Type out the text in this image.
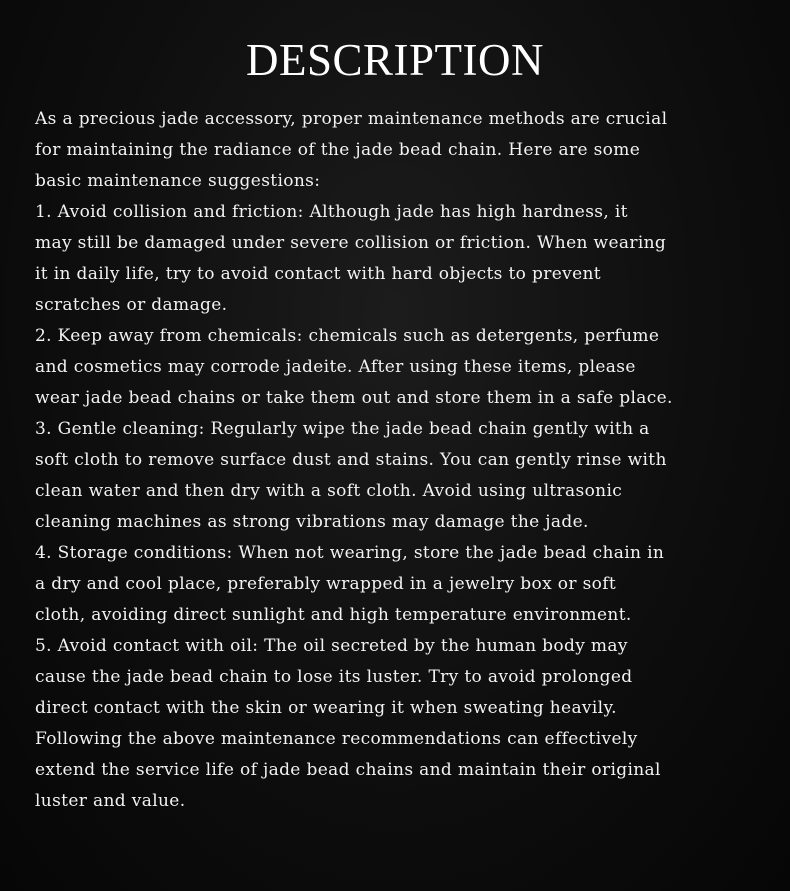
DESCRIPTION
As a precious jade accessory, proper maintenance methods are crucial
for maintaining the radiance of the jade bead chain. Here are some
basic maintenance suggestions:
1. Avoid collision and friction: Although jade has high hardness, it
may still be damaged under severe collision or friction. When wearing
it in daily life, try to avoid contact with hard objects to prevent
scratches or damage.
2. Keep away from chemicals: chemicals such as detergents, perfume
and cosmetics may corrode jadeite. After using these items, please
wear jade bead chains or take them out and store them in a safe place.
3. Gentle cleaning: Regularly wipe the jade bead chain gently with a
soft cloth to remove surface dust and stains. You can gently rinse with
clean water and then dry with a soft cloth. Avoid using ultrasonic
cleaning machines as strong vibrations may damage the jade.
4. Storage conditions: When not wearing, store the jade bead chain in
a dry and cool place, preferably wrapped in a jewelry box or soft
cloth, avoiding direct sunlight and high temperature environment.
5. Avoid contact with oil: The oil secreted by the human body may
cause the jade bead chain to lose its luster. Try to avoid prolonged
direct contact with the skin or wearing it when sweating heavily.
Following the above maintenance recommendations can effectively
extend the service life of jade bead chains and maintain their original
luster and value.
